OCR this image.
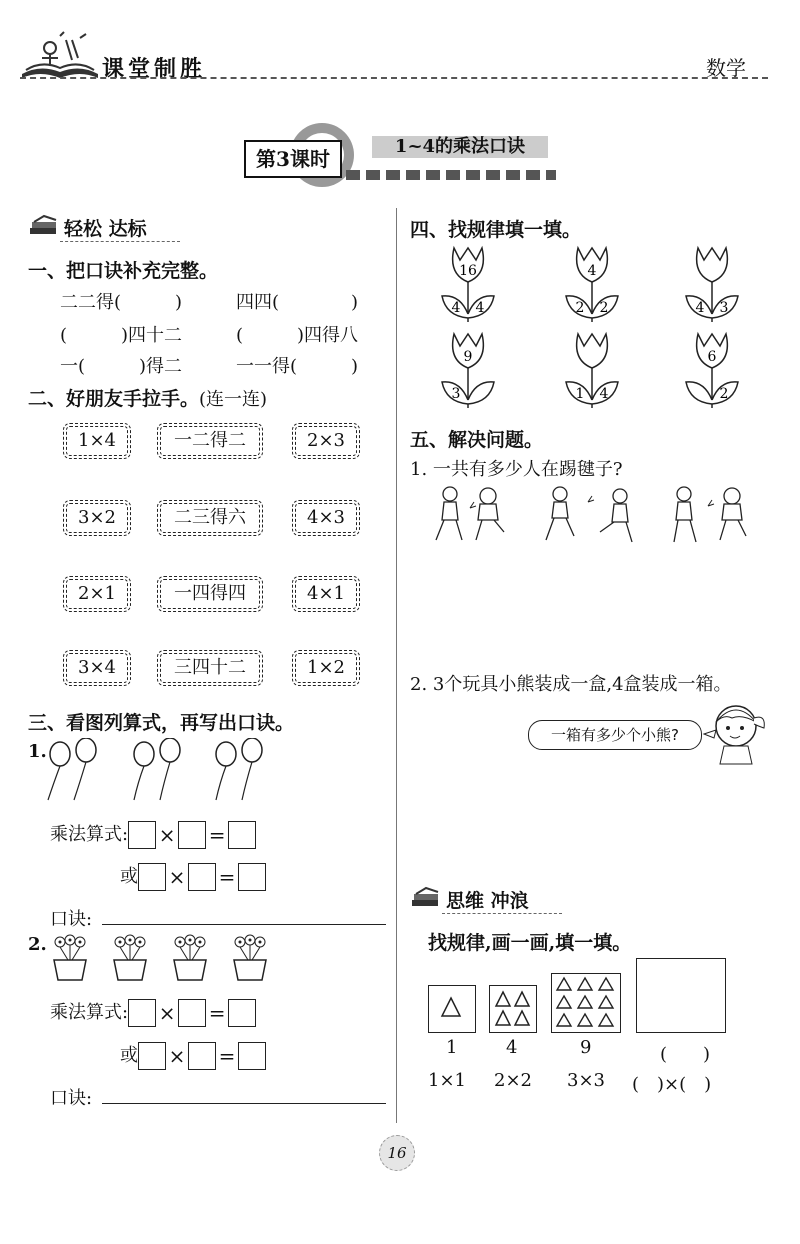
课堂制胜	数学
第3课时
1~4的乘法口诀
轻松 达标
一、把口诀补充完整。
二二得(　　　)	四四(　　　　)
(　　　)四十二	(　　　)四得八
一(　　　)得二	一一得(　　　)
二、好朋友手拉手。(连一连)
1×4	一二得二	2×3
3×2	二三得六	4×3
2×1	一四得四	4×1
3×4	三四十二	1×2
三、看图列算式，再写出口诀。
1.
乘法算式: × =
或 × =
口诀:
2.
乘法算式: × =
或 × =
口诀:
四、找规律填一填。
16
4 4
4
2 2	4 3
9
3	1 4
6
2
五、解决问题。
1. 一共有多少人在踢毽子?
2. 3个玩具小熊装成一盒,4盒装成一箱。
一箱有多少个小熊?
思维 冲浪
找规律,画一画,填一填。
1	4	9	(　　)
1×1 2×2 3×3 (　)×(　)
16
